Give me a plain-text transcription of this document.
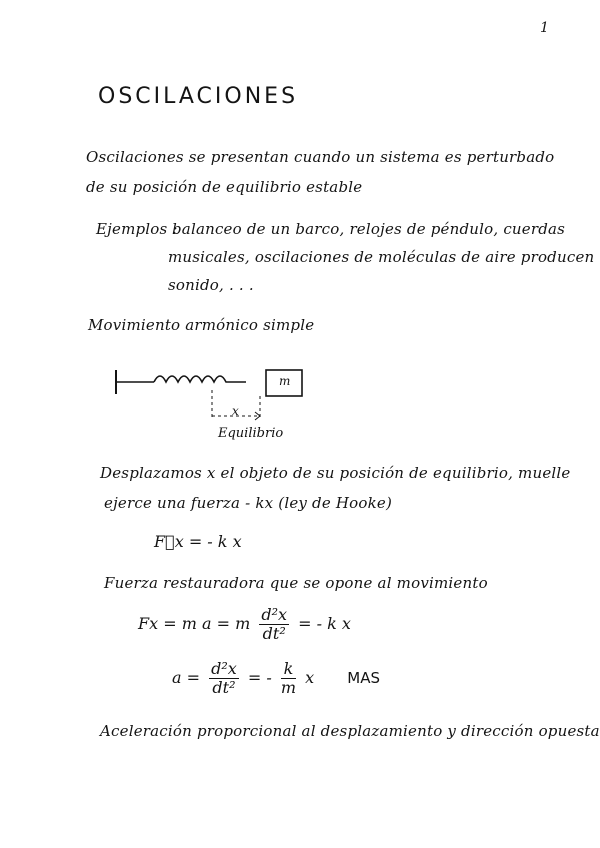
1
OSCILACIONES
Oscilaciones se presentan cuando un sistema es perturbado
de su posición de equilibrio estable
Ejemplos :
balanceo de un barco, relojes de péndulo, cuerdas
musicales, oscilaciones de moléculas de aire producen
sonido, . . .
Movimiento armónico simple
m
x
Equilibrio
Desplazamos x el objeto de su posición de equilibrio, muelle
ejerce una fuerza - kx (ley de Hooke)
F⃗x = - k x
Fuerza restauradora que se opone al movimiento
Fx = m a = m $\frac{\text{d²x}}{\text{dt²}}$ = - k x
$a = \frac{\text{d²x}}{\text{dt²}}$ = - $\frac{k}{m}$ x MAS
Aceleración proporcional al desplazamiento y dirección opuesta
